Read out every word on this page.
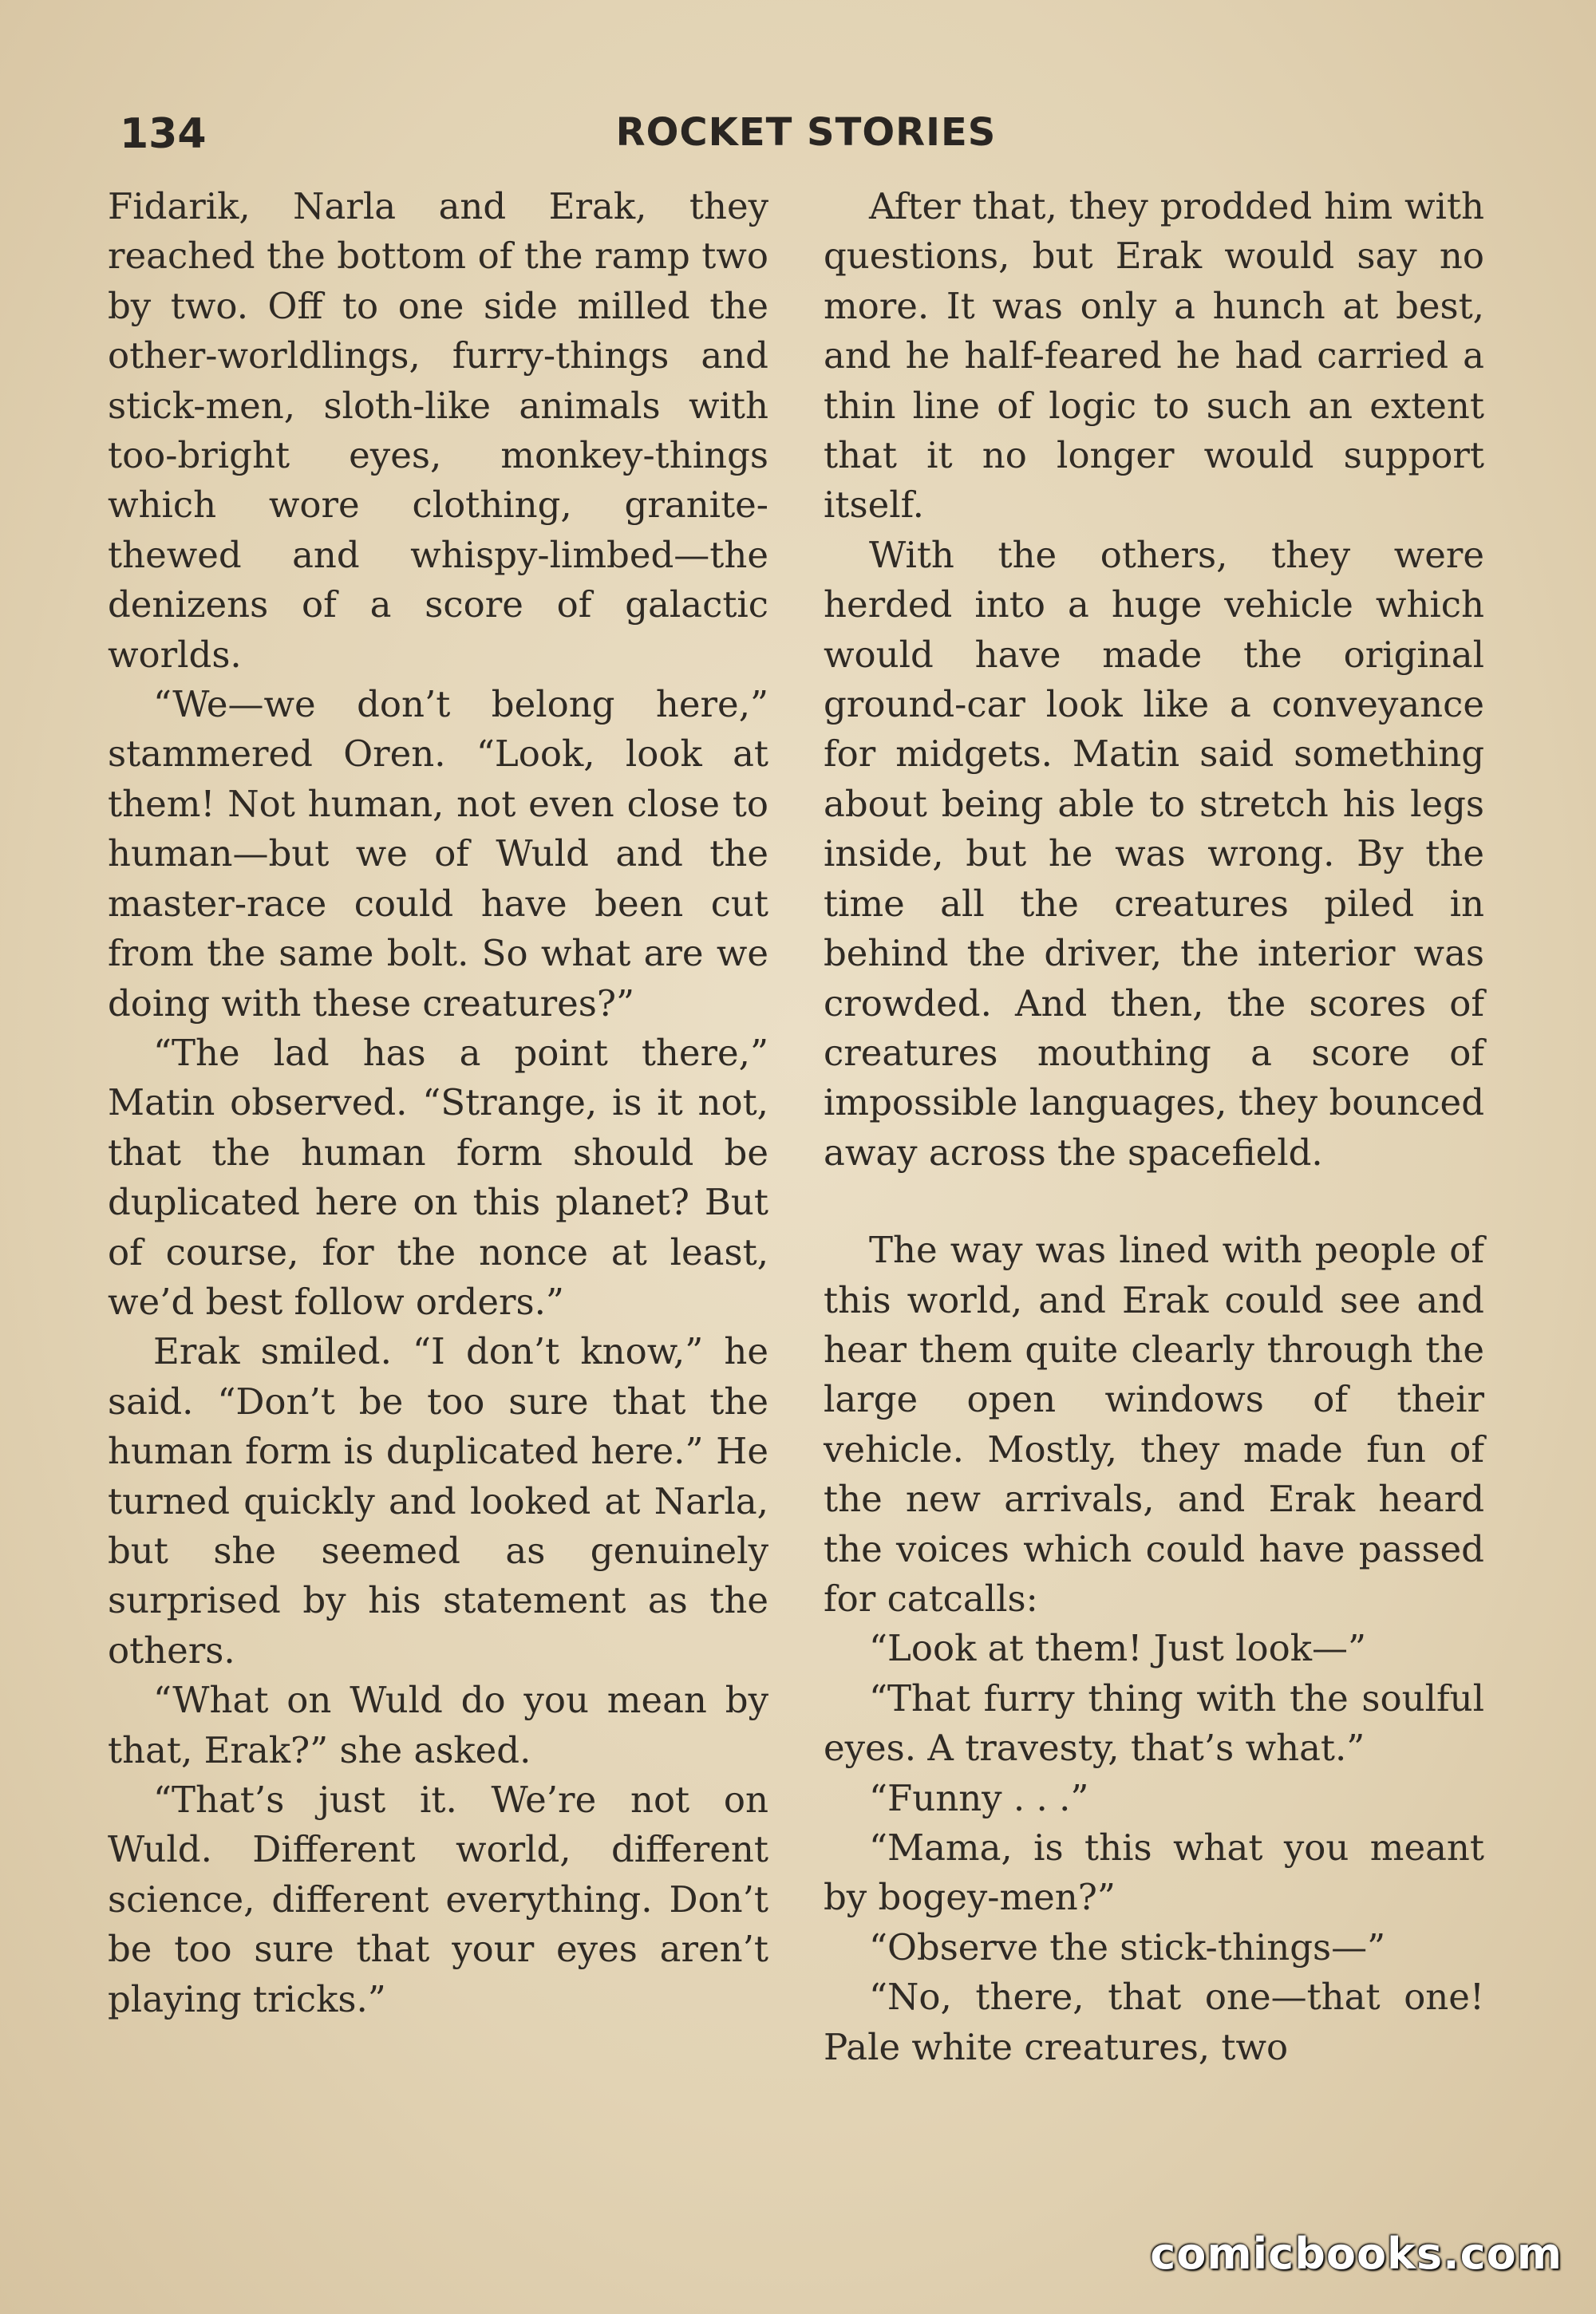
134	ROCKET STORIES

Fidarik, Narla and Erak, they reached the bottom of the ramp two by two. Off to one side milled the other-worldlings, furry-things and stick-men, sloth-like animals with too-bright eyes, monkey-things which wore clothing, granite-thewed and whispy-limbed—the denizens of a score of galactic worlds.

“We—we don’t belong here,” stammered Oren. “Look, look at them! Not human, not even close to human—but we of Wuld and the master-race could have been cut from the same bolt. So what are we doing with these creatures?”

“The lad has a point there,” Matin observed. “Strange, is it not, that the human form should be duplicated here on this planet? But of course, for the nonce at least, we’d best follow orders.”

Erak smiled. “I don’t know,” he said. “Don’t be too sure that the human form is duplicated here.” He turned quickly and looked at Narla, but she seemed as genuinely surprised by his statement as the others.

“What on Wuld do you mean by that, Erak?” she asked.

“That’s just it. We’re not on Wuld. Different world, different science, different everything. Don’t be too sure that your eyes aren’t playing tricks.”

After that, they prodded him with questions, but Erak would say no more. It was only a hunch at best, and he half-feared he had carried a thin line of logic to such an extent that it no longer would support itself.

With the others, they were herded into a huge vehicle which would have made the original ground-car look like a conveyance for midgets. Matin said something about being able to stretch his legs inside, but he was wrong. By the time all the creatures piled in behind the driver, the interior was crowded. And then, the scores of creatures mouthing a score of impossible languages, they bounced away across the spacefield.

The way was lined with people of this world, and Erak could see and hear them quite clearly through the large open windows of their vehicle. Mostly, they made fun of the new arrivals, and Erak heard the voices which could have passed for catcalls:

“Look at them! Just look—”

“That furry thing with the soulful eyes. A travesty, that’s what.”

“Funny . . .”

“Mama, is this what you meant by bogey-men?”

“Observe the stick-things—”

“No, there, that one—that one! Pale white creatures, two

comicbooks.com
